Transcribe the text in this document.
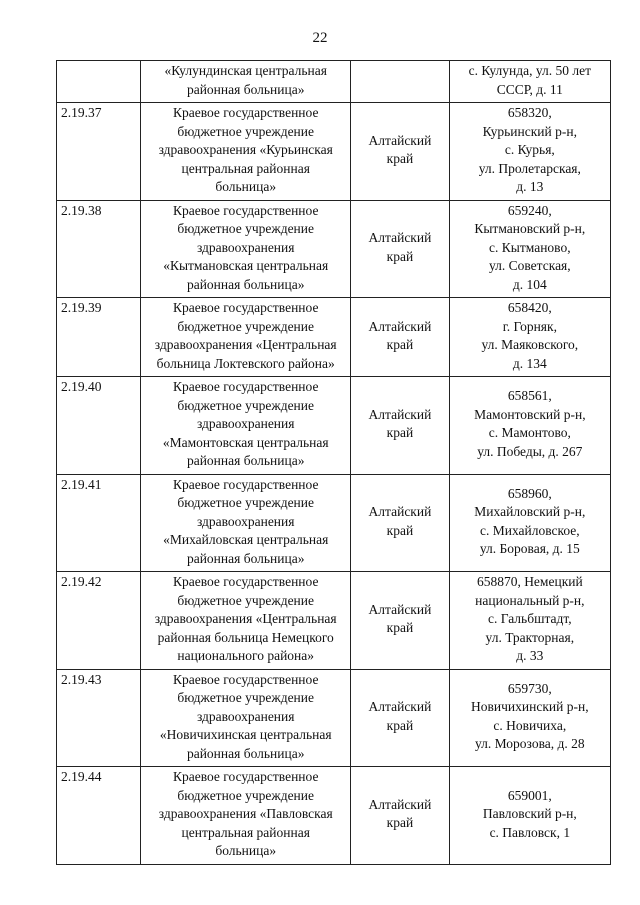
22

	«Кулундинская центральная
районная больница»		с. Кулунда, ул. 50 лет
СССР, д. 11

2.19.37	Краевое государственное
бюджетное учреждение
здравоохранения «Курьинская
центральная районная
больница»	Алтайский
край	658320,
Курьинский р-н,
с. Курья,
ул. Пролетарская,
д. 13

2.19.38	Краевое государственное
бюджетное учреждение
здравоохранения
«Кытмановская центральная
районная больница»	Алтайский
край	659240,
Кытмановский р-н,
с. Кытманово,
ул. Советская,
д. 104

2.19.39	Краевое государственное
бюджетное учреждение
здравоохранения «Центральная
больница Локтевского района»	Алтайский
край	658420,
г. Горняк,
ул. Маяковского,
д. 134

2.19.40	Краевое государственное
бюджетное учреждение
здравоохранения
«Мамонтовская центральная
районная больница»	Алтайский
край	658561,
Мамонтовский р-н,
с. Мамонтово,
ул. Победы, д. 267

2.19.41	Краевое государственное
бюджетное учреждение
здравоохранения
«Михайловская центральная
районная больница»	Алтайский
край	658960,
Михайловский р-н,
с. Михайловское,
ул. Боровая, д. 15

2.19.42	Краевое государственное
бюджетное учреждение
здравоохранения «Центральная
районная больница Немецкого
национального района»	Алтайский
край	658870, Немецкий
национальный р-н,
с. Гальбштадт,
ул. Тракторная,
д. 33

2.19.43	Краевое государственное
бюджетное учреждение
здравоохранения
«Новичихинская центральная
районная больница»	Алтайский
край	659730,
Новичихинский р-н,
с. Новичиха,
ул. Морозова, д. 28

2.19.44	Краевое государственное
бюджетное учреждение
здравоохранения «Павловская
центральная районная
больница»	Алтайский
край	659001,
Павловский р-н,
с. Павловск, 1
